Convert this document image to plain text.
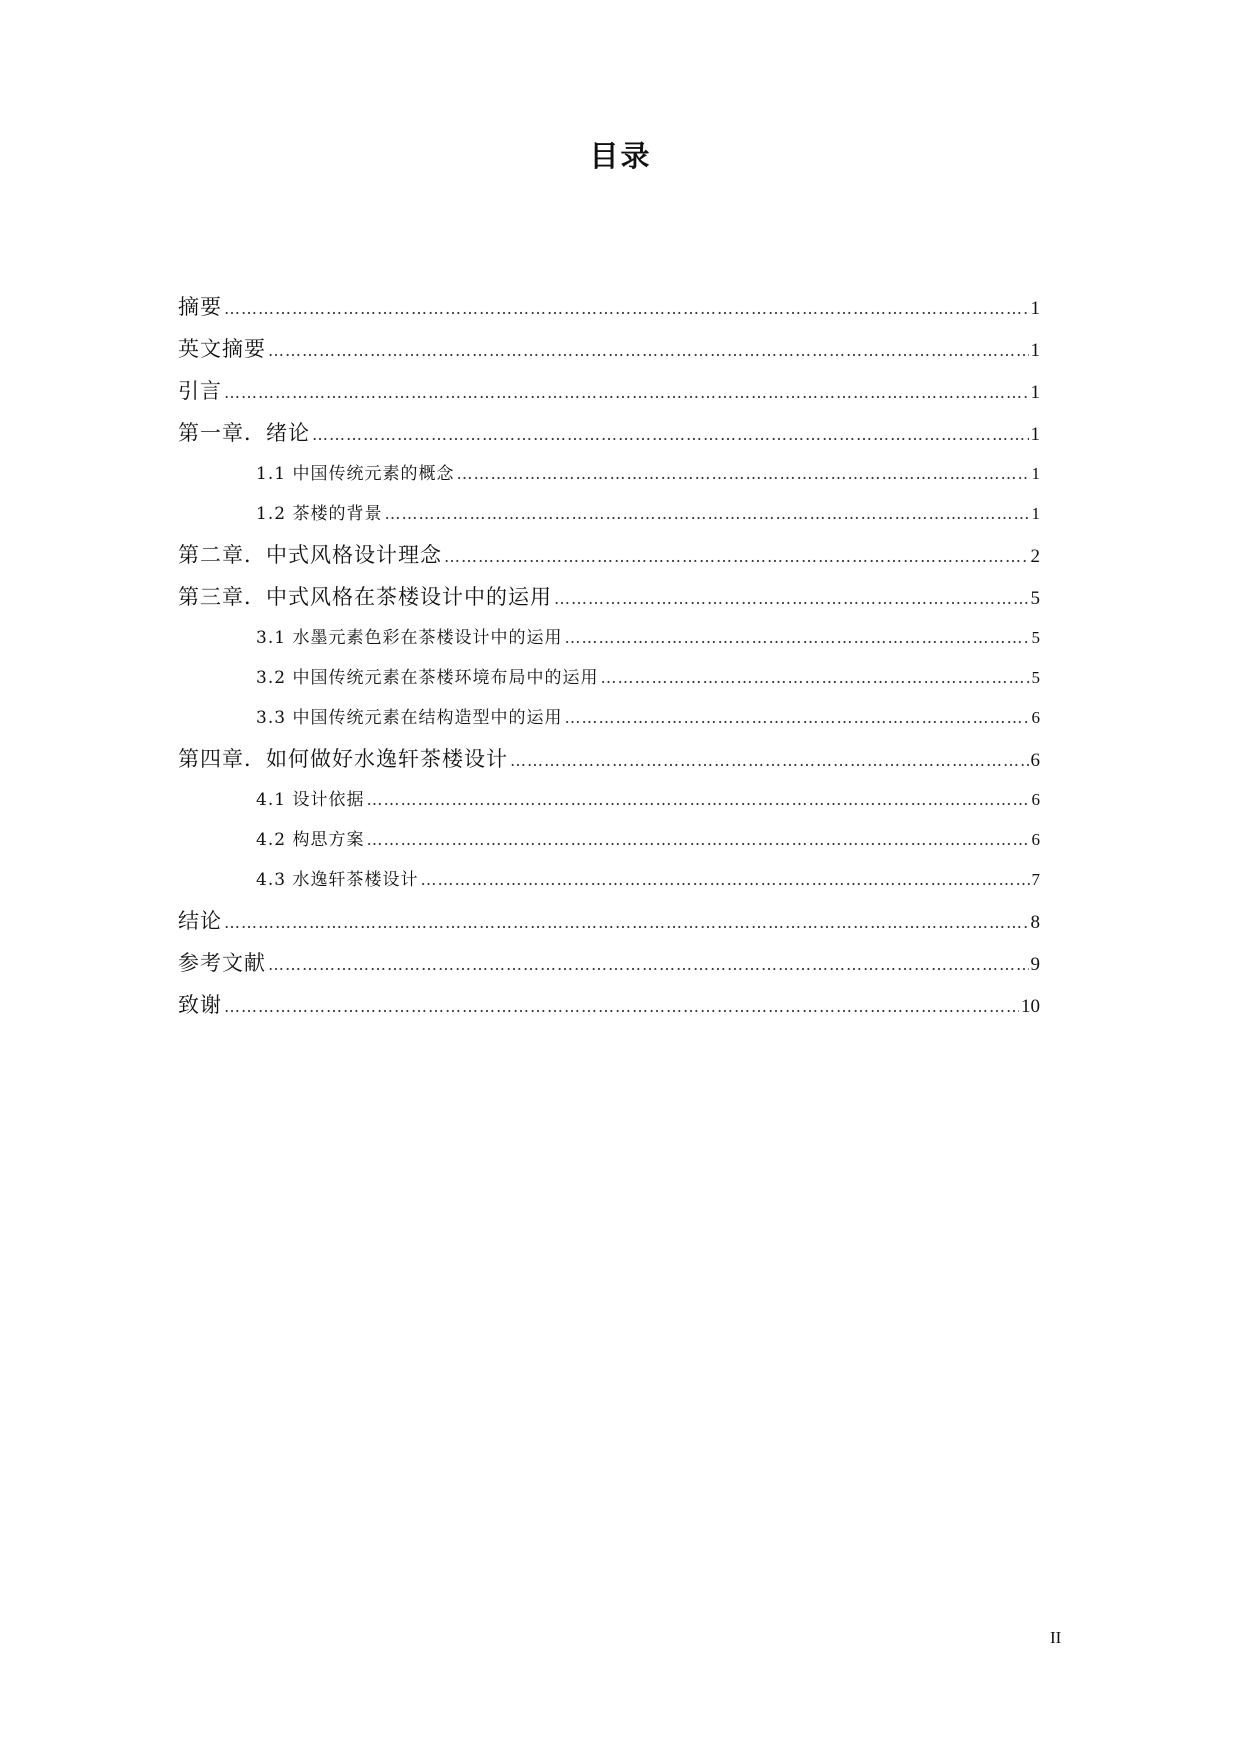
目录
摘要 ……………………………………………………………………………………………………………………………………………………………………………………………………………	1
英文摘要 ……………………………………………………………………………………………………………………………………………………………………………………………………………	1
引言 ……………………………………………………………………………………………………………………………………………………………………………………………………………	1
第一章．绪论 ……………………………………………………………………………………………………………………………………………………………………………………………………………	1
1.1 中国传统元素的概念 ……………………………………………………………………………………………………………………………………………………………………………………………………………	1
1.2 茶楼的背景 ……………………………………………………………………………………………………………………………………………………………………………………………………………	1
第二章．中式风格设计理念 ……………………………………………………………………………………………………………………………………………………………………………………………………………	2
第三章．中式风格在茶楼设计中的运用 ……………………………………………………………………………………………………………………………………………………………………………………………………………	5
3.1 水墨元素色彩在茶楼设计中的运用 ……………………………………………………………………………………………………………………………………………………………………………………………………………	5
3.2 中国传统元素在茶楼环境布局中的运用 ……………………………………………………………………………………………………………………………………………………………………………………………………………	5
3.3 中国传统元素在结构造型中的运用 ……………………………………………………………………………………………………………………………………………………………………………………………………………	6
第四章．如何做好水逸轩茶楼设计 ……………………………………………………………………………………………………………………………………………………………………………………………………………	6
4.1 设计依据 ……………………………………………………………………………………………………………………………………………………………………………………………………………	6
4.2 构思方案 ……………………………………………………………………………………………………………………………………………………………………………………………………………	6
4.3 水逸轩茶楼设计 ……………………………………………………………………………………………………………………………………………………………………………………………………………	7
结论 ……………………………………………………………………………………………………………………………………………………………………………………………………………	8
参考文献 ……………………………………………………………………………………………………………………………………………………………………………………………………………	9
致谢 ……………………………………………………………………………………………………………………………………………………………………………………………………………	10
II
